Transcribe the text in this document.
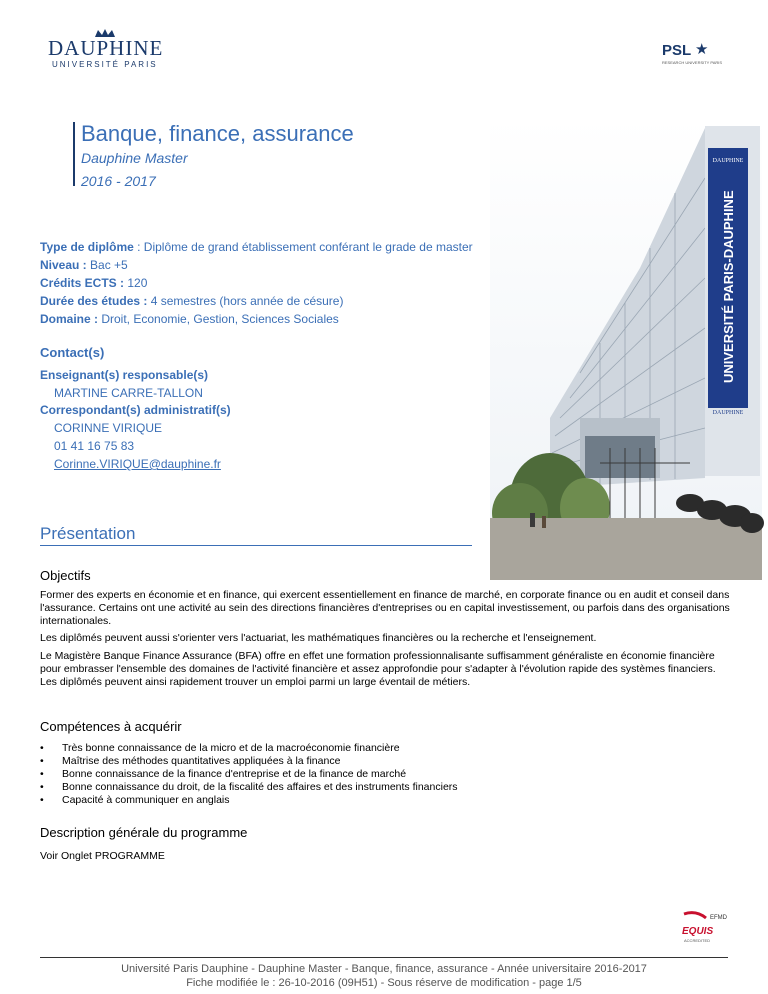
DAUPHINE
UNIVERSITÉ PARIS
PSL ★
RESEARCH UNIVERSITY PARIS
Banque, finance, assurance
Dauphine Master
2016 - 2017
UNIVERSITÉ PARIS-DAUPHINE
DAUPHINE
DAUPHINE
Type de diplôme : Diplôme de grand établissement conférant le grade de master
Niveau : Bac +5
Crédits ECTS : 120
Durée des études : 4 semestres (hors année de césure)
Domaine : Droit, Economie, Gestion, Sciences Sociales
Contact(s)
Enseignant(s) responsable(s)
MARTINE CARRE-TALLON
Correspondant(s) administratif(s)
CORINNE VIRIQUE
01 41 16 75 83
Corinne.VIRIQUE@dauphine.fr
Présentation
Objectifs
Former des experts en économie et en finance, qui exercent essentiellement en finance de marché, en corporate finance ou en audit et conseil dans l'assurance. Certains ont une activité au sein des directions financières d'entreprises ou en capital investissement, ou parfois dans des organisations internationales.
Les diplômés peuvent aussi s'orienter vers l'actuariat, les mathématiques financières ou la recherche et l'enseignement.
Le Magistère Banque Finance Assurance (BFA) offre en effet une formation professionnalisante suffisamment généraliste en économie financière pour embrasser l'ensemble des domaines de l'activité financière et assez approfondie pour s'adapter à l'évolution rapide des systèmes financiers. Les diplômés peuvent ainsi rapidement trouver un emploi parmi un large éventail de métiers.
Compétences à acquérir
• Très bonne connaissance de la micro et de la macroéconomie financière
• Maîtrise des méthodes quantitatives appliquées à la finance
• Bonne connaissance de la finance d'entreprise et de la finance de marché
• Bonne connaissance du droit, de la fiscalité des affaires et des instruments financiers
• Capacité à communiquer en anglais
Description générale du programme
Voir Onglet PROGRAMME
EFMD
EQUIS
ACCREDITED
Université Paris Dauphine - Dauphine Master - Banque, finance, assurance - Année universitaire 2016-2017
Fiche modifiée le : 26-10-2016 (09H51) - Sous réserve de modification - page 1/5
